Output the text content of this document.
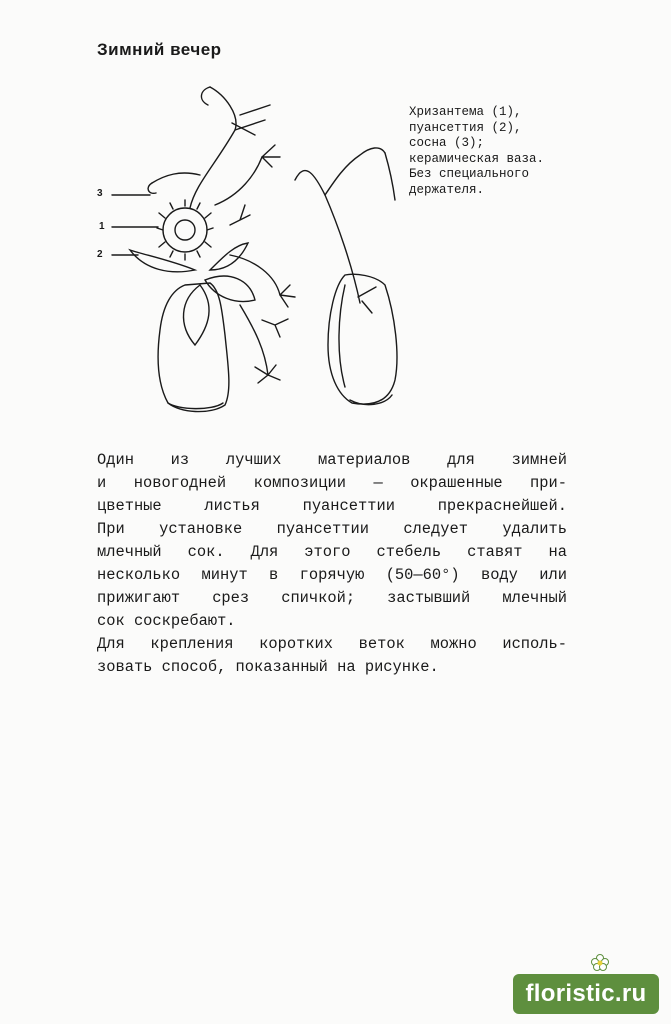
Зимний вечер
3
1
2
Хризантема (1),
пуансеттия (2),
сосна (3);
керамическая ваза.
Без специального
держателя.
Один из лучших материалов для зимней
и новогодней композиции — окрашенные при-
цветные листья пуансеттии прекраснейшей.
При установке пуансеттии следует удалить
млечный сок. Для этого стебель ставят на
несколько минут в горячую (50—60°) воду или
прижигают срез спичкой; застывший млечный
сок соскребают.
Для крепления коротких веток можно исполь-
зовать способ, показанный на рисунке.
floristic.ru
